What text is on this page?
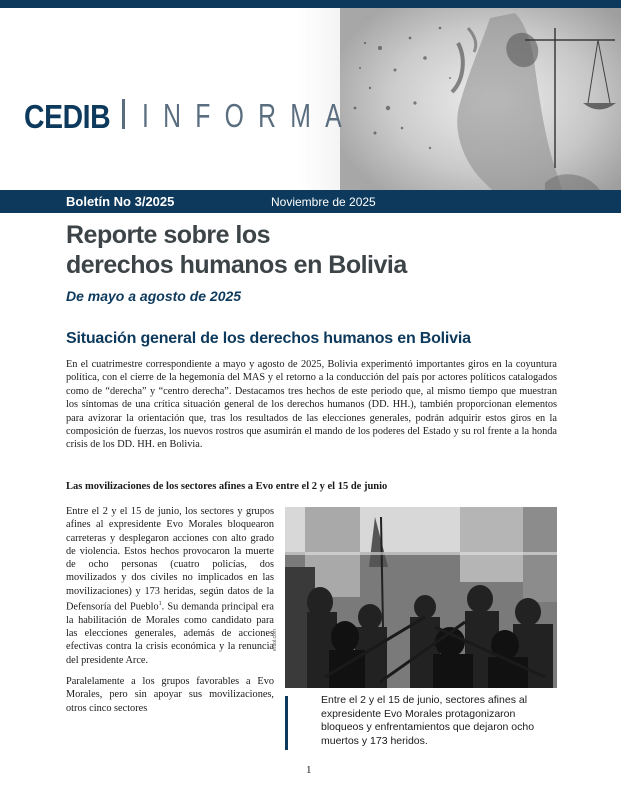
CEDIB INFORMA
Boletín No 3/2025	Noviembre de 2025
Reporte sobre los
derechos humanos en Bolivia
De mayo a agosto de 2025
Situación general de los derechos humanos en Bolivia
En el cuatrimestre correspondiente a mayo y agosto de 2025, Bolivia experimentó importantes giros en la coyuntura política, con el cierre de la hegemonía del MAS y el retorno a la conducción del país por actores políticos catalogados como de “derecha” y “centro derecha”. Destacamos tres hechos de este periodo que, al mismo tiempo que muestran los síntomas de una crítica situación general de los derechos humanos (DD. HH.), también proporcionan elementos para avizorar la orientación que, tras los resultados de las elecciones generales, podrán adquirir estos giros en la composición de fuerzas, los nuevos rostros que asumirán el mando de los poderes del Estado y su rol frente a la honda crisis de los DD. HH. en Bolivia.
Las movilizaciones de los sectores afines a Evo entre el 2 y el 15 de junio

Entre el 2 y el 15 de junio, los sectores y grupos afines al expresidente Evo Morales bloquearon carreteras y desplegaron acciones con alto grado de violencia. Estos hechos provocaron la muerte de ocho personas (cuatro policías, dos movilizados y dos civiles no implicados en las movilizaciones) y 173 heridas, según datos de la Defensoría del Pueblo$^1$. Su demanda principal era la habilitación de Morales como candidato para las elecciones generales, además de acciones efectivas contra la crisis económica y la renuncia del presidente Arce.

Paralelamente a los grupos favorables a Evo Morales, pero sin apoyar sus movilizaciones, otros cinco sectores

erbol.com
Entre el 2 y el 15 de junio, sectores afines al expresidente Evo Morales protagonizaron bloqueos y enfrentamientos que dejaron ocho muertos y 173 heridos.
1
